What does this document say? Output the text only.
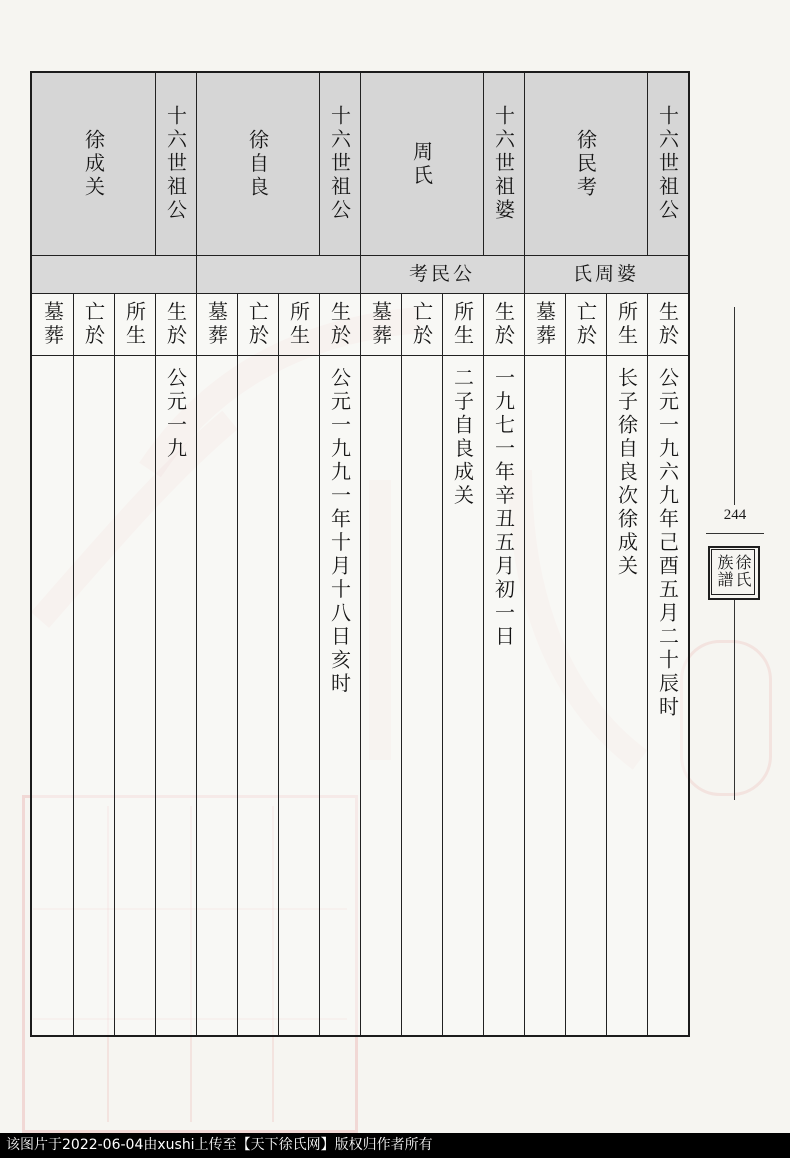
十六世祖公
徐民考
氏周婆
生於
所生
亡於
墓葬
公元一九六九年己酉五月二十辰时
长子徐自良次徐成关
十六世祖婆
周氏
考民公
生於
所生
亡於
墓葬
一九七一年辛丑五月初一日
二子自良成关
十六世祖公
徐自良
生於
所生
亡於
墓葬
公元一九九一年十月十八日亥时
十六世祖公
徐成关
生於
所生
亡於
墓葬
公元一九
244
徐氏族譜
该图片于2022-06-04由xushi上传至【天下徐氏网】版权归作者所有
